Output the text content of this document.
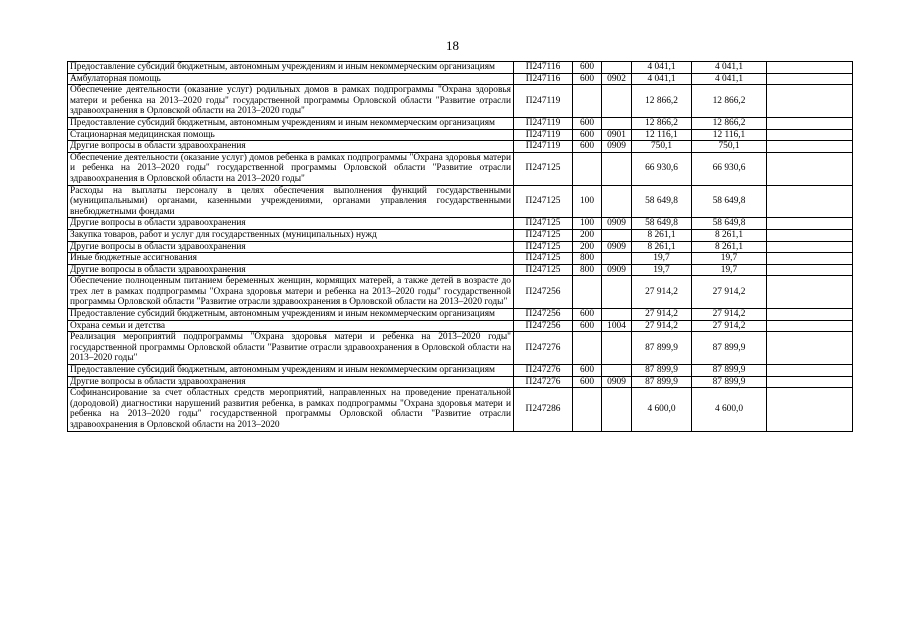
18
Предоставление субсидий бюджетным, автономным учреждениям и иным некоммерческим организациям	П247116	600		4 041,1	4 041,1	
Амбулаторная помощь	П247116	600	0902	4 041,1	4 041,1	
Обеспечение деятельности (оказание услуг) родильных домов в рамках подпрограммы "Охрана здоровья матери и ребенка на 2013–2020 годы" государственной программы Орловской области "Развитие отрасли здравоохранения в Орловской области на 2013–2020 годы"	П247119			12 866,2	12 866,2	
Предоставление субсидий бюджетным, автономным учреждениям и иным некоммерческим организациям	П247119	600		12 866,2	12 866,2	
Стационарная медицинская помощь	П247119	600	0901	12 116,1	12 116,1	
Другие вопросы в области здравоохранения	П247119	600	0909	750,1	750,1	
Обеспечение деятельности (оказание услуг) домов ребенка в рамках подпрограммы "Охрана здоровья матери и ребенка на 2013–2020 годы" государственной программы Орловской области "Развитие отрасли здравоохранения в Орловской области на 2013–2020 годы"	П247125			66 930,6	66 930,6	
Расходы на выплаты персоналу в целях обеспечения выполнения функций государственными (муниципальными) органами, казенными учреждениями, органами управления государственными внебюджетными фондами	П247125	100		58 649,8	58 649,8	
Другие вопросы в области здравоохранения	П247125	100	0909	58 649,8	58 649,8	
Закупка товаров, работ и услуг для государственных (муниципальных) нужд	П247125	200		8 261,1	8 261,1	
Другие вопросы в области здравоохранения	П247125	200	0909	8 261,1	8 261,1	
Иные бюджетные ассигнования	П247125	800		19,7	19,7	
Другие вопросы в области здравоохранения	П247125	800	0909	19,7	19,7	
Обеспечение полноценным питанием беременных женщин, кормящих матерей, а также детей в возрасте до трех лет в рамках подпрограммы "Охрана здоровья матери и ребенка на 2013–2020 годы" государственной программы Орловской области "Развитие отрасли здравоохранения в Орловской области на 2013–2020 годы"	П247256			27 914,2	27 914,2	
Предоставление субсидий бюджетным, автономным учреждениям и иным некоммерческим организациям	П247256	600		27 914,2	27 914,2	
Охрана семьи и детства	П247256	600	1004	27 914,2	27 914,2	
Реализация мероприятий подпрограммы "Охрана здоровья матери и ребенка на 2013–2020 годы" государственной программы Орловской области "Развитие отрасли здравоохранения в Орловской области на 2013–2020 годы"	П247276			87 899,9	87 899,9	
Предоставление субсидий бюджетным, автономным учреждениям и иным некоммерческим организациям	П247276	600		87 899,9	87 899,9	
Другие вопросы в области здравоохранения	П247276	600	0909	87 899,9	87 899,9	
Софинансирование за счет областных средств мероприятий, направленных на проведение пренатальной (дородовой) диагностики нарушений развития ребенка, в рамках подпрограммы "Охрана здоровья матери и ребенка на 2013–2020 годы" государственной программы Орловской области "Развитие отрасли здравоохранения в Орловской области на 2013–2020	П247286			4 600,0	4 600,0	
